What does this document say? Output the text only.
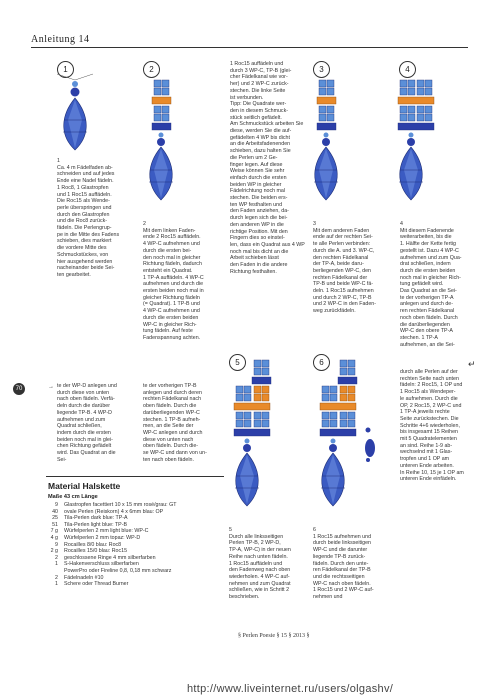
Anleitung 14
1	2	3	4
1
Ca. 4 m Fädelfaden ab-
schneiden und auf jedes
Ende eine Nadel fädeln.
1 Roc8, 1 Glastropfen
und 1 Roc15 auffädeln.
Die Roc15 als Wende-
perle überspringen und
durch den Glastropfen
und die Roc8 zurück-
fädeln. Die Perlengrup-
pe in die Mitte des Fadens
schieben, dies markiert
die vordere Mitte des
Schmuckstückes, von
hier ausgehend werden
nacheinander beide Sei-
ten gearbeitet.
2
Mit dem linken Faden-
ende 2 Roc15 auffädeln.
4 WP-C aufnehmen und
durch die ersten bei-
den noch mal in gleicher
Richtung fädeln, dadurch
entsteht ein Quadrat.
1 TP-A auffädeln. 4 WP-C
aufnehmen und durch die
ersten beiden noch mal in
gleicher Richtung fädeln
(= Quadrat). 1 TP-B und
4 WP-C aufnehmen und
durch die ersten beiden
WP-C in gleicher Rich-
tung fädeln. Auf feste
Fadenspannung achten.
1 Roc15 auffädeln und
durch 3 WP-C, TP-B (glei-
cher Fädelkanal wie vor-
her) und 2 WP-C zurück-
stechen. Die linke Seite
ist verbunden.
Tipp: Die Quadrate wer-
den in diesem Schmuck-
stück seitlich gefädelt.
Am Schmuckstück arbeiten Sie
diese, werden Sie die auf-
gefädelten 4 WP bis dicht
an die Arbeitsfadenenden
schieben, dazu halten Sie
die Perlen um 2 Ge-
finger legen. Auf diese
Weise können Sie sehr
einfach durch die ersten
beiden WP in gleicher
Fädelrichtung noch mal
stechen. Die beiden ers-
ten WP festhalten und
den Faden anziehen, da-
durch legen sich die bei-
den anderen WP in die
richtige Position. Mit den
Fingern dies so einstel-
len, dass ein Quadrat aus 4 WP
noch mal bis dicht an die
Arbeit schieben lässt
den Faden in die andere
Richtung festhalten.
3
Mit dem anderen Faden
ende auf der rechten Sei-
te alle Perlen verbinden:
durch die A. und 3. WP-C,
den rechten Fädelkanal
der TP-A, beide daru-
berliegenden WP-C, den
rechten Fädelkanal der
TP-B und beide WP-C fä-
deln. 1 Roc15 aufnehmen
und durch 2 WP-C, TP-B
und 2 WP-C in den Faden-
weg zurückfädeln.
4
Mit diesem Fadenende
weiterarbeiten, bis die
1. Hälfte der Kette fertig
gestellt ist. Dazu 4 WP-C
aufnehmen und zum Qua-
drat schließen, indem
durch die ersten beiden
noch mal in gleicher Rich-
tung gefädelt wird.
Das Quadrat an die Sei-
te der vorherigen TP-A
anlegen und durch de-
ren rechten Fädelkanal
noch oben fädeln. Durch
die darüberliegenden
WP-C den obere TP-A
stechen. 1 TP-A
aufnehmen, an die Sei-
↵
70	→ te der WP-D anlegen und
durch diese von unten
nach oben fädeln. Verfä-
deln durch die darüber
liegende TP-B. 4 WP-D
aufnehmen und zum
Quadrat schließen,
indem durch die ersten
beiden noch mal in glei-
chen Richtung gefädelt
wird. Das Quadrat an die
Sei-
te der vorherigen TP-B
anlegen und durch deren
rechten Fädelkanal nach
oben fädeln. Durch die
darüberliegenden WP-C
stechen. 1 TP-B aufneh-
men, an die Seite der
WP-C anlegen und durch
diese von unten nach
oben fädeln. Durch die-
se WP-C und dann von un-
ten nach oben fädeln.
durch alle Perlen auf der
rechten Seite nach unten
fädeln: 2 Roc15, 1 OP und
1 Roc15 als Wendeper-
le aufnehmen. Durch die
OP, 2 Roc15, 2 WP-C und
1 TP-A jeweils rechte
Seite zurückstechen. Die
Schritte 4+6 wiederholen,
bis insgesamt 15 Reihen
mit 5 Quadratelementen
an sind. Reihe 1-9 ab-
wechselnd mit 1 Glas-
tropfen und 1 OP am
unteren Ende arbeiten.
In Reihe 10, 15 je 1 OP am
unteren Ende einfädeln.
5	6
5
Durch alle linksseitigen
Perlen TP-B, 2 WP-D,
TP-A, WP-C) in der neuen
Reihe nach unten fädeln.
1 Roc15 auffädeln und
den Fadenweg nach oben
wiederholen. 4 WP-C auf-
nehmen und zum Quadrat
schließen, wie in Schritt 2
beschrieben.
6
1 Roc15 aufnehmen und
durch beide linksseitigen
WP-C und die darunter
liegende TP-B zurück-
fädeln. Durch den unte-
ren Fädelkanal der TP-B
und die rechtsseitigen
WP-C nach oben fädeln.
1 Roc15 und 2 WP-C auf-
nehmen und
Material Halskette
Maße 43 cm Länge
9 Glastropfen facettiert 10 x 15 mm rosé/grau: GT
40 ovale Perlen (Reiskorn) 4 x 6mm blau: OP
25 Tila-Perlen dark blue: TP-A
51 Tila-Perlen light blue: TP-B
7 g Würfelperlen 2 mm light blue: WP-C
4 g Würfelperlen 2 mm topaz: WP-D
9 Rocailles 8/0 blau: Roc8
2 g Rocailles 15/0 blau: Roc15
2 geschlossene Ringe 4 mm silberfarben
1 S-Hakenverschluss silberfarben
PowerPro oder Fireline 0,8, 0,18 mm schwarz
2 Fädelnadeln #10
1 Schere oder Thread Burner
§ Perlen Poesie § 15 § 2013 §
http://www.liveinternet.ru/users/olgashv/
